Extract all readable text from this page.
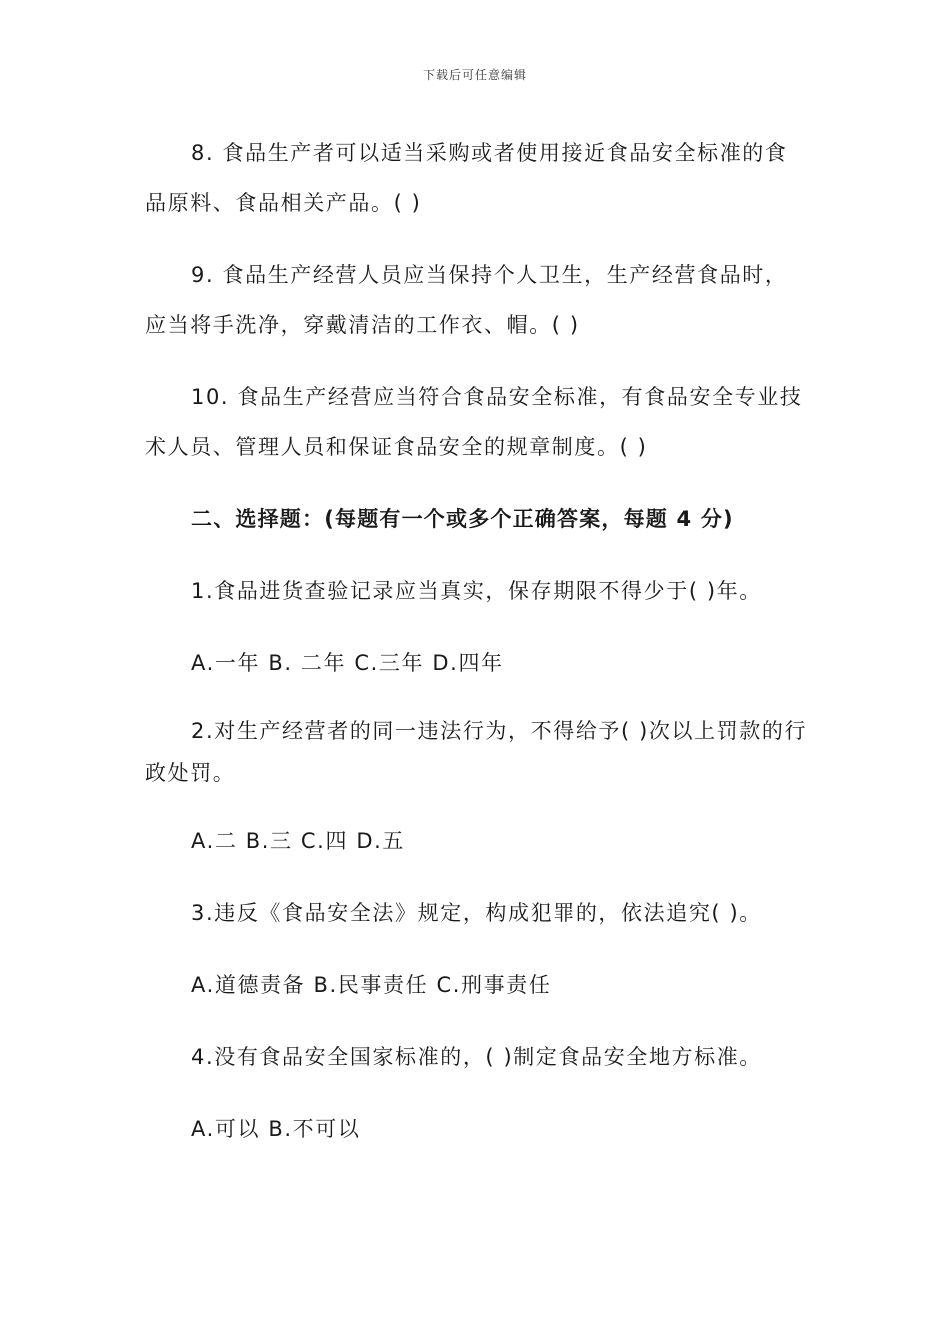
下载后可任意编辑

8. 食品生产者可以适当采购或者使用接近食品安全标准的食品原料、食品相关产品。( )

9. 食品生产经营人员应当保持个人卫生，生产经营食品时，应当将手洗净，穿戴清洁的工作衣、帽。( )

10. 食品生产经营应当符合食品安全标准，有食品安全专业技术人员、管理人员和保证食品安全的规章制度。( )

二、选择题：(每题有一个或多个正确答案，每题 4 分)

1.食品进货查验记录应当真实，保存期限不得少于( )年。

A.一年 B. 二年 C.三年 D.四年

2.对生产经营者的同一违法行为，不得给予( )次以上罚款的行政处罚。

A.二 B.三 C.四 D.五

3.违反《食品安全法》规定，构成犯罪的，依法追究( )。

A.道德责备 B.民事责任 C.刑事责任

4.没有食品安全国家标准的，( )制定食品安全地方标准。

A.可以 B.不可以
